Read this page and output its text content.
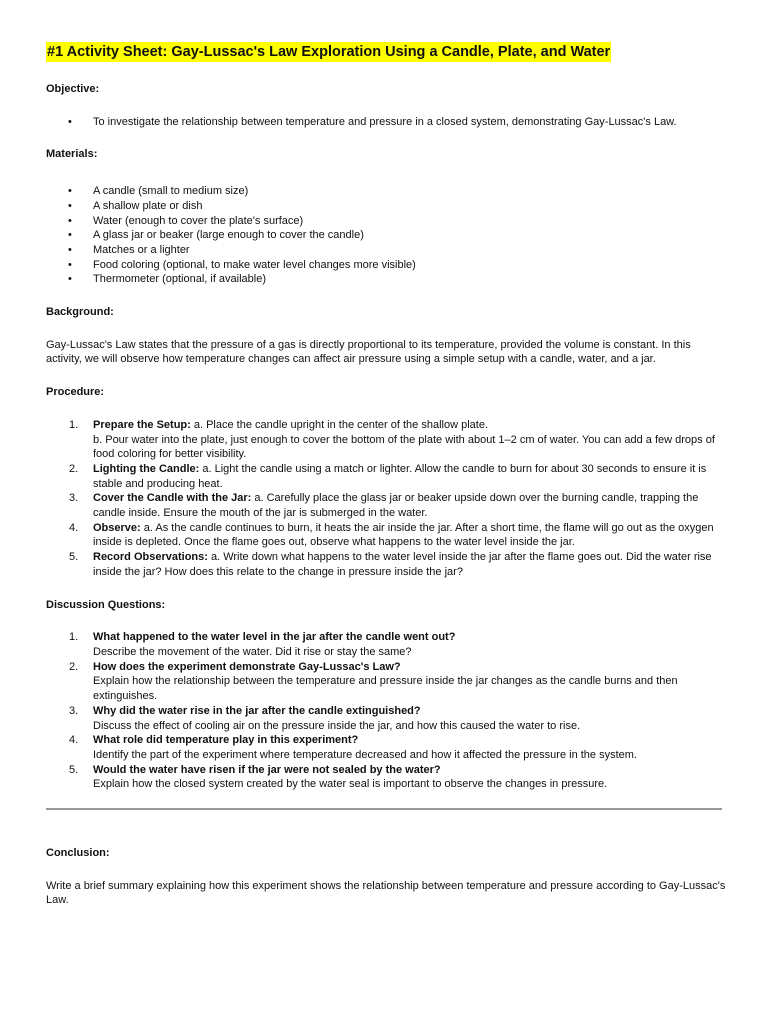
#1 Activity Sheet: Gay-Lussac's Law Exploration Using a Candle, Plate, and Water
Objective:
• To investigate the relationship between temperature and pressure in a closed system, demonstrating Gay-Lussac's Law.
Materials:
• A candle (small to medium size)
• A shallow plate or dish
• Water (enough to cover the plate's surface)
• A glass jar or beaker (large enough to cover the candle)
• Matches or a lighter
• Food coloring (optional, to make water level changes more visible)
• Thermometer (optional, if available)
Background:

Gay-Lussac's Law states that the pressure of a gas is directly proportional to its temperature, provided the volume is constant. In this activity, we will observe how temperature changes can affect air pressure using a simple setup with a candle, water, and a jar.

Procedure:
1. Prepare the Setup: a. Place the candle upright in the center of the shallow plate.
b. Pour water into the plate, just enough to cover the bottom of the plate with about 1–2 cm of water. You can add a few drops of food coloring for better visibility.
2. Lighting the Candle: a. Light the candle using a match or lighter. Allow the candle to burn for about 30 seconds to ensure it is stable and producing heat.
3. Cover the Candle with the Jar: a. Carefully place the glass jar or beaker upside down over the burning candle, trapping the candle inside. Ensure the mouth of the jar is submerged in the water.
4. Observe: a. As the candle continues to burn, it heats the air inside the jar. After a short time, the flame will go out as the oxygen inside is depleted. Once the flame goes out, observe what happens to the water level inside the jar.
5. Record Observations: a. Write down what happens to the water level inside the jar after the flame goes out. Did the water rise inside the jar? How does this relate to the change in pressure inside the jar?
Discussion Questions:
1. What happened to the water level in the jar after the candle went out?
Describe the movement of the water. Did it rise or stay the same?
2. How does the experiment demonstrate Gay-Lussac's Law?
Explain how the relationship between the temperature and pressure inside the jar changes as the candle burns and then extinguishes.
3. Why did the water rise in the jar after the candle extinguished?
Discuss the effect of cooling air on the pressure inside the jar, and how this caused the water to rise.
4. What role did temperature play in this experiment?
Identify the part of the experiment where temperature decreased and how it affected the pressure in the system.
5. Would the water have risen if the jar were not sealed by the water?
Explain how the closed system created by the water seal is important to observe the changes in pressure.
Conclusion:

Write a brief summary explaining how this experiment shows the relationship between temperature and pressure according to Gay-Lussac's Law.
